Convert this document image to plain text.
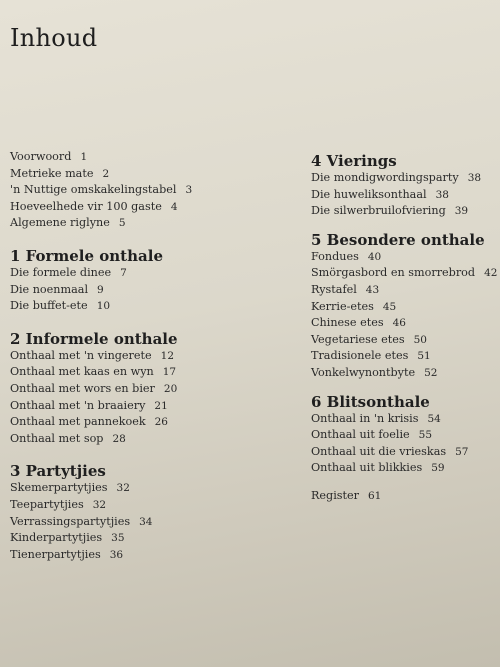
Inhoud
Voorwoord 1
Metrieke mate 2
'n Nuttige omskakelingstabel 3
Hoeveelhede vir 100 gaste 4
Algemene riglyne 5
1 Formele onthale
Die formele dinee 7
Die noenmaal 9
Die buffet-ete 10
2 Informele onthale
Onthaal met 'n vingerete 12
Onthaal met kaas en wyn 17
Onthaal met wors en bier 20
Onthaal met 'n braaiery 21
Onthaal met pannekoek 26
Onthaal met sop 28
3 Partytjies
Skemerpartytjies 32
Teepartytjies 32
Verrassingspartytjies 34
Kinderpartytjies 35
Tienerpartytjies 36
4 Vierings
Die mondigwordingsparty 38
Die huweliksonthaal 38
Die silwerbruilofviering 39
5 Besondere onthale
Fondues 40
Smörgasbord en smorrebrod 42
Rystafel 43
Kerrie-etes 45
Chinese etes 46
Vegetariese etes 50
Tradisionele etes 51
Vonkelwynontbyte 52
6 Blitsonthale
Onthaal in 'n krisis 54
Onthaal uit foelie 55
Onthaal uit die vrieskas 57
Onthaal uit blikkies 59
Register 61
